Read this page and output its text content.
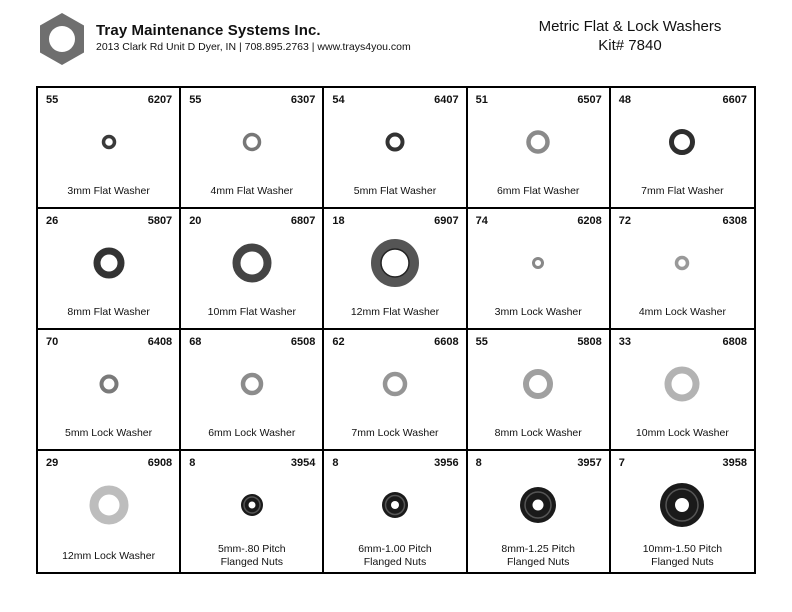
Tray Maintenance Systems Inc.
2013 Clark Rd Unit D Dyer, IN | 708.895.2763 | www.trays4you.com
Metric Flat & Lock Washers
Kit# 7840
55	6207
3mm Flat Washer
55	6307
4mm Flat Washer
54	6407
5mm Flat Washer
51	6507
6mm Flat Washer
48	6607
7mm Flat Washer
26	5807
8mm Flat Washer
20	6807
10mm Flat Washer
18	6907
12mm Flat Washer
74	6208
3mm Lock Washer
72	6308
4mm Lock Washer
70	6408
5mm Lock Washer
68	6508
6mm Lock Washer
62	6608
7mm Lock Washer
55	5808
8mm Lock Washer
33	6808
10mm Lock Washer
29	6908
12mm Lock Washer
8	3954
5mm-.80 Pitch
Flanged Nuts
8	3956
6mm-1.00 Pitch
Flanged Nuts
8	3957
8mm-1.25 Pitch
Flanged Nuts
7	3958
10mm-1.50 Pitch
Flanged Nuts
